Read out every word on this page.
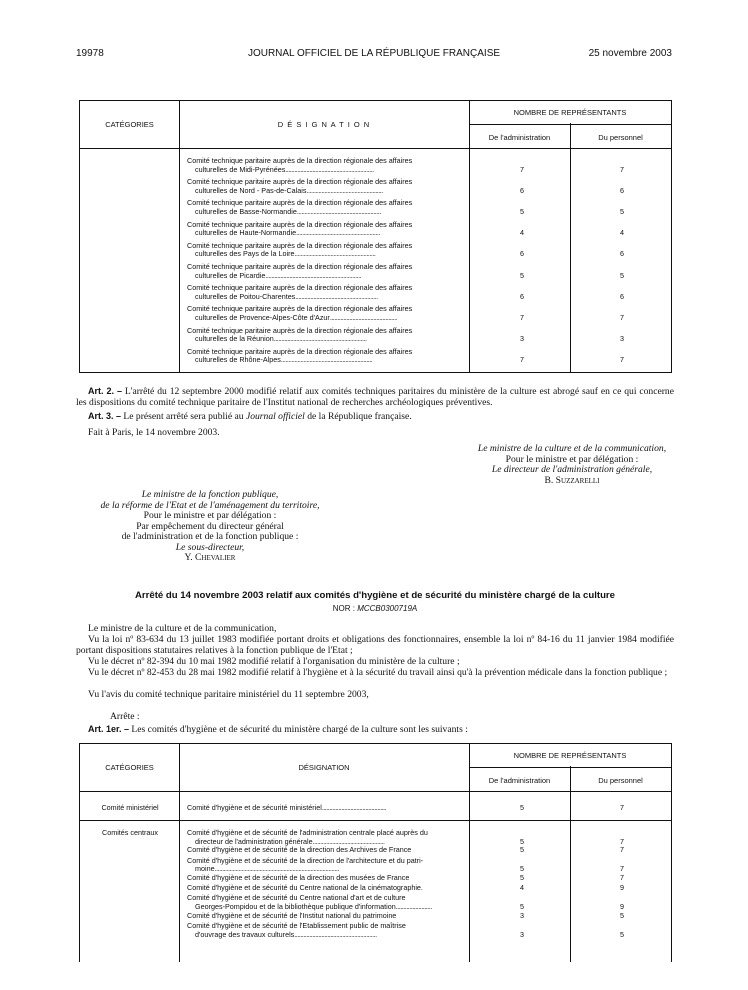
19978	JOURNAL OFFICIEL DE LA RÉPUBLIQUE FRANÇAISE	25 novembre 2003
CATÉGORIES	D É S I G N A T I O N
NOMBRE DE REPRÉSENTANTS
De l'administration	Du personnel
Comité technique paritaire auprès de la direction régionale des affaires
culturelles de Midi-Pyrénées...........................................................	7	7
Comité technique paritaire auprès de la direction régionale des affaires
culturelles de Nord - Pas-de-Calais...................................................	6	6
Comité technique paritaire auprès de la direction régionale des affaires
culturelles de Basse-Normandie........................................................	5	5
Comité technique paritaire auprès de la direction régionale des affaires
culturelles de Haute-Normandie........................................................	4	4
Comité technique paritaire auprès de la direction régionale des affaires
culturelles des Pays de la Loire......................................................	6	6
Comité technique paritaire auprès de la direction régionale des affaires
culturelles de Picardie................................................................	5	5
Comité technique paritaire auprès de la direction régionale des affaires
culturelles de Poitou-Charentes.......................................................	6	6
Comité technique paritaire auprès de la direction régionale des affaires
culturelles de Provence-Alpes-Côte d'Azur.............................................	7	7
Comité technique paritaire auprès de la direction régionale des affaires
culturelles de la Réunion..............................................................	3	3
Comité technique paritaire auprès de la direction régionale des affaires
culturelles de Rhône-Alpes.............................................................	7	7
Art. 2. – L'arrêté du 12 septembre 2000 modifié relatif aux comités techniques paritaires du ministère de la culture est abrogé sauf en ce qui concerne les dispositions du comité technique paritaire de l'Institut national de recherches archéologiques préventives.
Art. 3. – Le présent arrêté sera publié au Journal officiel de la République française.
Fait à Paris, le 14 novembre 2003.
Le ministre de la culture et de la communication,
Pour le ministre et par délégation :
Le directeur de l'administration générale,
B. Suzzarelli
Le ministre de la fonction publique,
de la réforme de l'Etat et de l'aménagement du territoire,
Pour le ministre et par délégation :
Par empêchement du directeur général
de l'administration et de la fonction publique :
Le sous-directeur,
Y. Chevalier
Arrêté du 14 novembre 2003 relatif aux comités d'hygiène et de sécurité du ministère chargé de la culture
NOR : MCCB0300719A
Le ministre de la culture et de la communication,
Vu la loi nº 83-634 du 13 juillet 1983 modifiée portant droits et obligations des fonctionnaires, ensemble la loi nº 84-16 du 11 janvier 1984 modifiée portant dispositions statutaires relatives à la fonction publique de l'Etat ;
Vu le décret nº 82-394 du 10 mai 1982 modifié relatif à l'organisation du ministère de la culture ;
Vu le décret nº 82-453 du 28 mai 1982 modifié relatif à l'hygiène et à la sécurité du travail ainsi qu'à la prévention médicale dans la fonction publique ;
Vu l'avis du comité technique paritaire ministériel du 11 septembre 2003,
Arrête :
Art. 1er. – Les comités d'hygiène et de sécurité du ministère chargé de la culture sont les suivants :
CATÉGORIES	DÉSIGNATION
NOMBRE DE REPRÉSENTANTS
De l'administration	Du personnel
Comité ministériel	Comité d'hygiène et de sécurité ministériel...........................................	5	7
Comités centraux	Comité d'hygiène et de sécurité de l'administration centrale placé auprès du
directeur de l'administration générale................................................	5	7
Comité d'hygiène et de sécurité de la direction des Archives de France	5	7
Comité d'hygiène et de sécurité de la direction de l'architecture et du patri-
moine...................................................................................	5	7
Comité d'hygiène et de sécurité de la direction des musées de France	5	7
Comité d'hygiène et de sécurité du Centre national de la cinématographie.	4	9
Comité d'hygiène et de sécurité du Centre national d'art et de culture
Georges-Pompidou et de la bibliothèque publique d'information........................	5	9
Comité d'hygiène et de sécurité de l'Institut national du patrimoine	3	5
Comité d'hygiène et de sécurité de l'Etablissement public de maîtrise
d'ouvrage des travaux culturels.......................................................	3	5
